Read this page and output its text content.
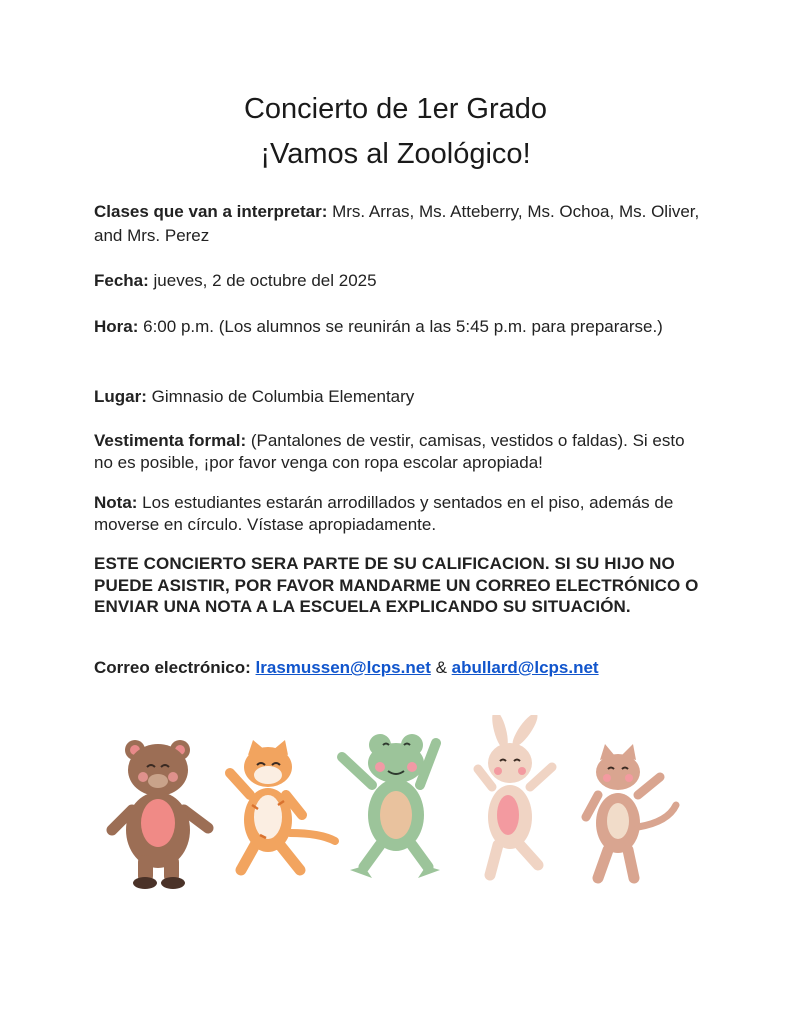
Concierto de 1er Grado
¡Vamos al Zoológico!

Clases que van a interpretar: Mrs. Arras, Ms. Atteberry, Ms. Ochoa, Ms. Oliver, and Mrs. Perez

Fecha: jueves, 2 de octubre del 2025

Hora: 6:00 p.m. (Los alumnos se reunirán a las 5:45 p.m. para prepararse.)

Lugar: Gimnasio de Columbia Elementary

Vestimenta formal: (Pantalones de vestir, camisas, vestidos o faldas). Si esto no es posible, ¡por favor venga con ropa escolar apropiada!

Nota: Los estudiantes estarán arrodillados y sentados en el piso, además de moverse en círculo. Vístase apropiadamente.

ESTE CONCIERTO SERA PARTE DE SU CALIFICACION. SI SU HIJO NO PUEDE ASISTIR, POR FAVOR MANDARME UN CORREO ELECTRÓNICO O ENVIAR UNA NOTA A LA ESCUELA EXPLICANDO SU SITUACIÓN.

Correo electrónico: lrasmussen@lcps.net & abullard@lcps.net
